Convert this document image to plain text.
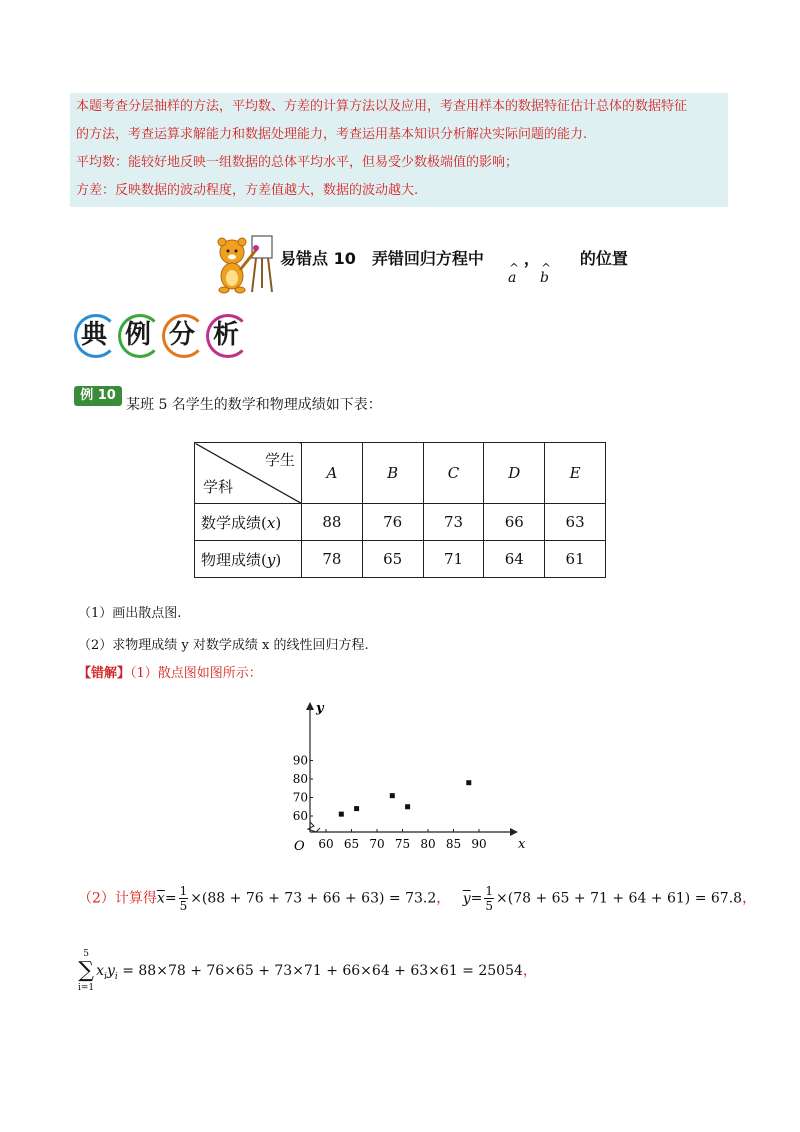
本题考查分层抽样的方法，平均数、方差的计算方法以及应用，考查用样本的数据特征估计总体的数据特征

的方法，考查运算求解能力和数据处理能力，考查运用基本知识分析解决实际问题的能力.

平均数：能较好地反映一组数据的总体平均水平，但易受少数极端值的影响；

方差：反映数据的波动程度，方差值越大，数据的波动越大.

易错点 10　弄错回归方程中	，	的位置
^
a
^
b
典 例 分 析
例 10
某班 5 名学生的数学和物理成绩如下表：
学生
学科	A	B	C	D	E
数学成绩(x)	88	76	73	66	63
物理成绩(y)	78	65	71	64	61
（1）画出散点图.
（2）求物理成绩 y 对数学成绩 x 的线性回归方程.
【错解】（1）散点图如图所示：
60 65 70 75 80 85 90
60
70
80
90
x
y
O
（2）计算得$\overline{x}= \frac{1}{5} \times(88 + 76 + 73 + 66 + 63) = 73.2$， $\overline{y}= \frac{1}{5} \times(78 + 65 + 71 + 64 + 61) = 67.8$，
5
∑
i=1
$x_iy_i = 88\times 78 + 76\times 65 + 73\times 71 + 66\times 64 + 63\times 61 = 25054$，
